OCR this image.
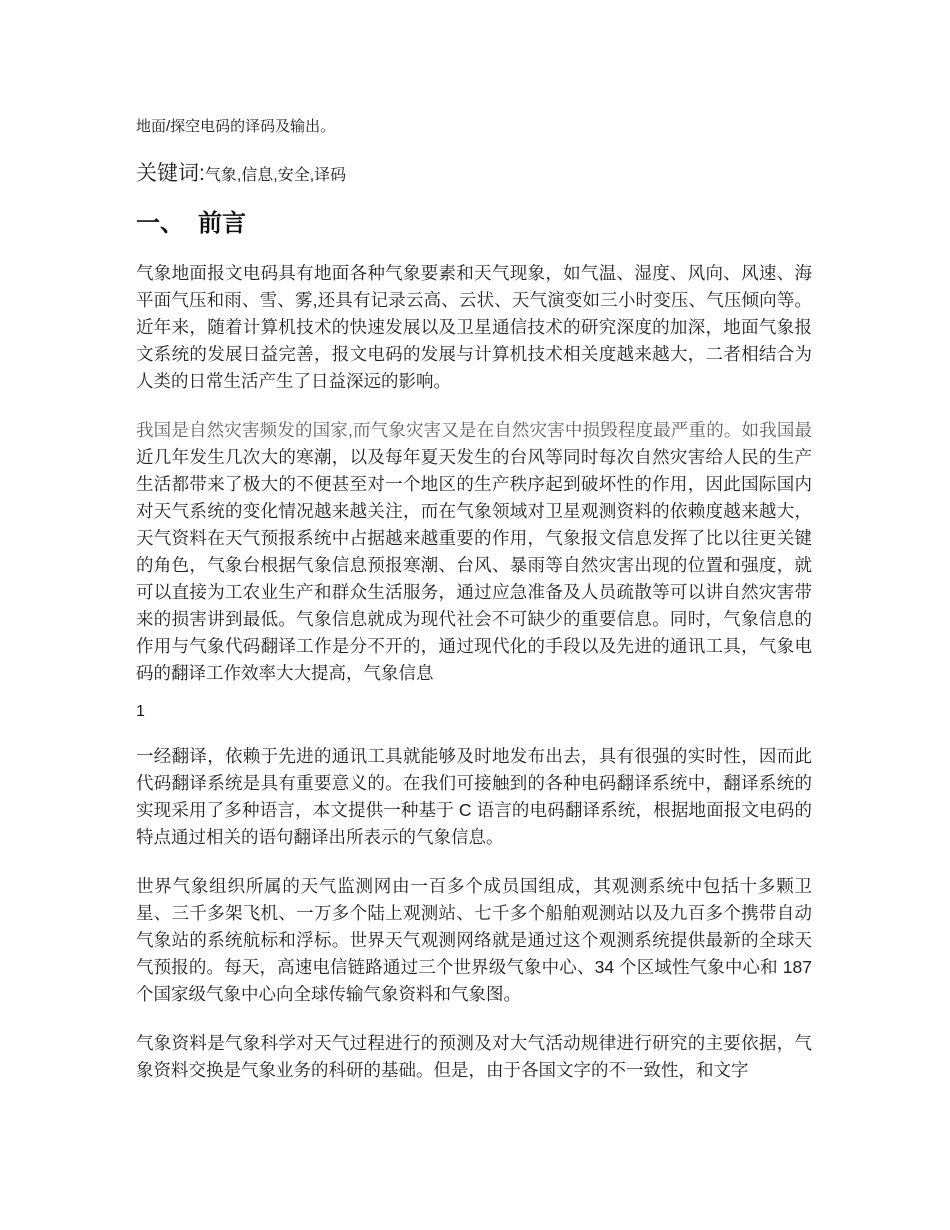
地面/探空电码的译码及输出。
关键词:气象,信息,安全,译码
一、 前言

气象地面报文电码具有地面各种气象要素和天气现象，如气温、湿度、风向、风速、海平面气压和雨、雪、雾,还具有记录云高、云状、天气演变如三小时变压、气压倾向等。近年来，随着计算机技术的快速发展以及卫星通信技术的研究深度的加深，地面气象报文系统的发展日益完善，报文电码的发展与计算机技术相关度越来越大，二者相结合为人类的日常生活产生了日益深远的影响。

我国是自然灾害频发的国家,而气象灾害又是在自然灾害中损毁程度最严重的。如我国最近几年发生几次大的寒潮，以及每年夏天发生的台风等同时每次自然灾害给人民的生产生活都带来了极大的不便甚至对一个地区的生产秩序起到破坏性的作用，因此国际国内对天气系统的变化情况越来越关注，而在气象领域对卫星观测资料的依赖度越来越大，天气资料在天气预报系统中占据越来越重要的作用，气象报文信息发挥了比以往更关键的角色，气象台根据气象信息预报寒潮、台风、暴雨等自然灾害出现的位置和强度，就可以直接为工农业生产和群众生活服务，通过应急准备及人员疏散等可以讲自然灾害带来的损害讲到最低。气象信息就成为现代社会不可缺少的重要信息。同时，气象信息的作用与气象代码翻译工作是分不开的，通过现代化的手段以及先进的通讯工具，气象电码的翻译工作效率大大提高，气象信息

1

一经翻译，依赖于先进的通讯工具就能够及时地发布出去，具有很强的实时性，因而此代码翻译系统是具有重要意义的。在我们可接触到的各种电码翻译系统中，翻译系统的实现采用了多种语言，本文提供一种基于 C 语言的电码翻译系统，根据地面报文电码的特点通过相关的语句翻译出所表示的气象信息。

世界气象组织所属的天气监测网由一百多个成员国组成，其观测系统中包括十多颗卫星、三千多架飞机、一万多个陆上观测站、七千多个船舶观测站以及九百多个携带自动气象站的系统航标和浮标。世界天气观测网络就是通过这个观测系统提供最新的全球天气预报的。每天，高速电信链路通过三个世界级气象中心、34 个区域性气象中心和 187 个国家级气象中心向全球传输气象资料和气象图。

气象资料是气象科学对天气过程进行的预测及对大气活动规律进行研究的主要依据，气象资料交换是气象业务的科研的基础。但是，由于各国文字的不一致性，和文字
